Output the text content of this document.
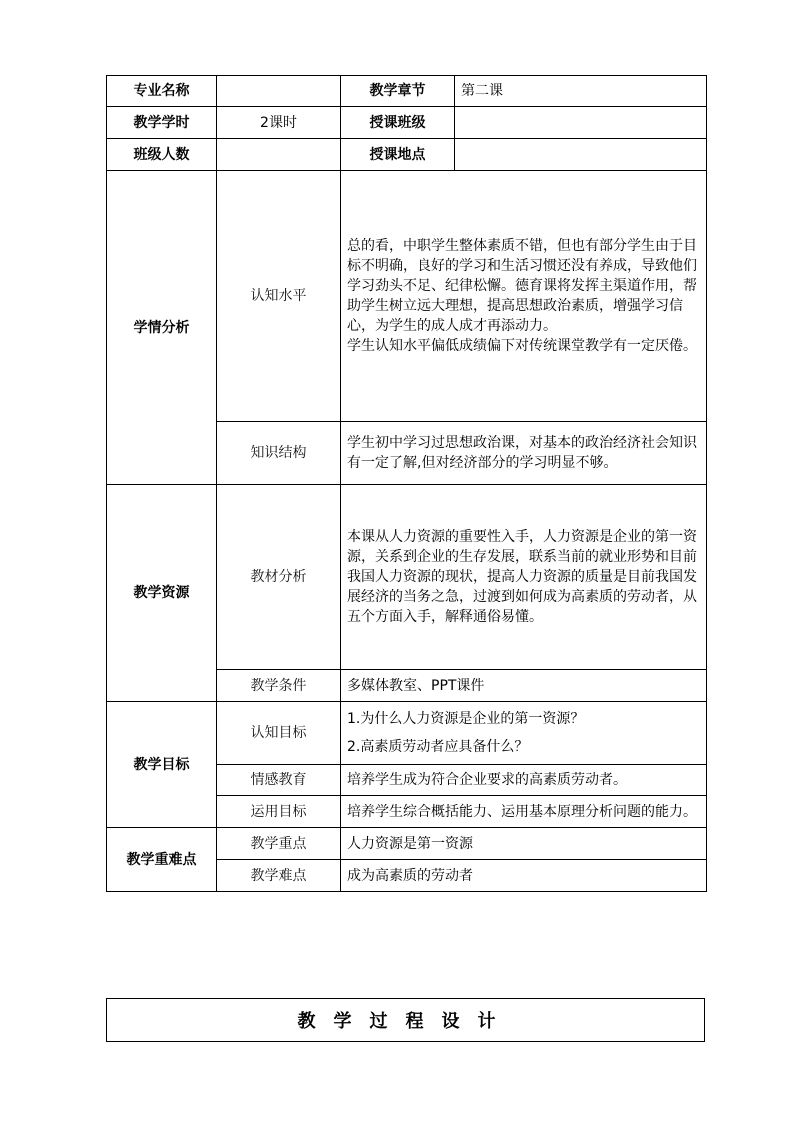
专业名称		教学章节	第二课
教学学时	2课时	授课班级	
班级人数		授课地点	
学情分析	认知水平	总的看，中职学生整体素质不错，但也有部分学生由于目标不明确，良好的学习和生活习惯还没有养成，导致他们学习劲头不足、纪律松懈。德育课将发挥主渠道作用，帮助学生树立远大理想，提高思想政治素质，增强学习信心，为学生的成人成才再添动力。

学生认知水平偏低成绩偏下对传统课堂教学有一定厌倦。	

	知识结构	学生初中学习过思想政治课，对基本的政治经济社会知识有一定了解,但对经济部分的学习明显不够。	
教学资源	教材分析	本课从人力资源的重要性入手，人力资源是企业的第一资源，关系到企业的生存发展，联系当前的就业形势和目前我国人力资源的现状，提高人力资源的质量是目前我国发展经济的当务之急，过渡到如何成为高素质的劳动者，从五个方面入手，解释通俗易懂。	
	教学条件	多媒体教室、PPT课件	
教学目标	认知目标	1.为什么人力资源是企业的第一资源？

2.高素质劳动者应具备什么？	

	情感教育	培养学生成为符合企业要求的高素质劳动者。	
	运用目标	培养学生综合概括能力、运用基本原理分析问题的能力。	
教学重难点	教学重点	人力资源是第一资源	
	教学难点	成为高素质的劳动者	
教学过程设计
